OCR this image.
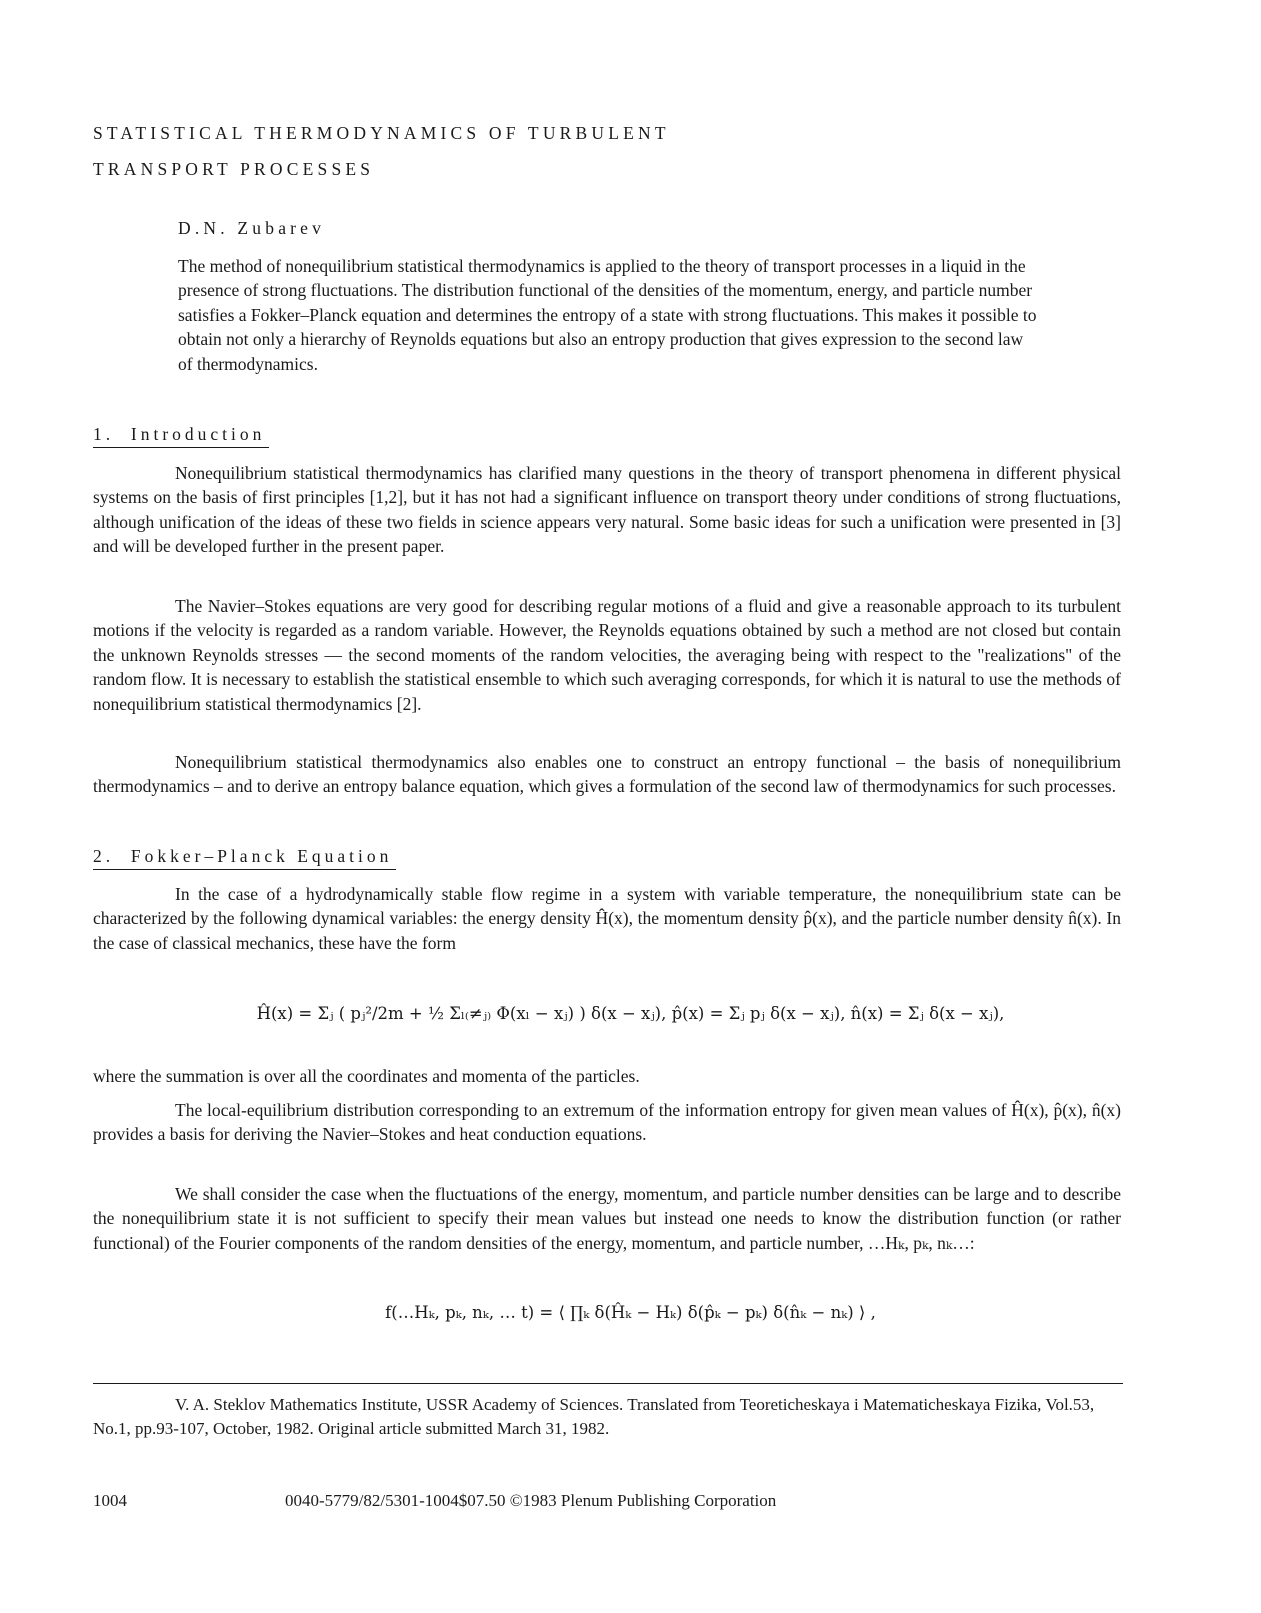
STATISTICAL THERMODYNAMICS OF TURBULENT
TRANSPORT PROCESSES
D.N. Zubarev
The method of nonequilibrium statistical thermodynamics is applied to the theory of transport processes in a liquid in the presence of strong fluctuations. The distribution functional of the densities of the momentum, energy, and particle number satisfies a Fokker–Planck equation and determines the entropy of a state with strong fluctuations. This makes it possible to obtain not only a hierarchy of Reynolds equations but also an entropy production that gives expression to the second law of thermodynamics.
1.  Introduction
Nonequilibrium statistical thermodynamics has clarified many questions in the theory of transport phenomena in different physical systems on the basis of first principles [1,2], but it has not had a significant influence on transport theory under conditions of strong fluctuations, although unification of the ideas of these two fields in science appears very natural. Some basic ideas for such a unification were presented in [3] and will be developed further in the present paper.
The Navier–Stokes equations are very good for describing regular motions of a fluid and give a reasonable approach to its turbulent motions if the velocity is regarded as a random variable. However, the Reynolds equations obtained by such a method are not closed but contain the unknown Reynolds stresses — the second moments of the random velocities, the averaging being with respect to the "realizations" of the random flow. It is necessary to establish the statistical ensemble to which such averaging corresponds, for which it is natural to use the methods of nonequilibrium statistical thermodynamics [2].
Nonequilibrium statistical thermodynamics also enables one to construct an entropy functional – the basis of nonequilibrium thermodynamics – and to derive an entropy balance equation, which gives a formulation of the second law of thermodynamics for such processes.
2.  Fokker–Planck Equation
In the case of a hydrodynamically stable flow regime in a system with variable temperature, the nonequilibrium state can be characterized by the following dynamical variables: the energy density Ĥ(x), the momentum density p̂(x), and the particle number density n̂(x). In the case of classical mechanics, these have the form
Ĥ(x) = Σⱼ ( pⱼ²/2m + ½ Σₗ₍≠ⱼ₎ Φ(xₗ − xⱼ) ) δ(x − xⱼ), p̂(x) = Σⱼ pⱼ δ(x − xⱼ), n̂(x) = Σⱼ δ(x − xⱼ),
where the summation is over all the coordinates and momenta of the particles.
The local-equilibrium distribution corresponding to an extremum of the information entropy for given mean values of Ĥ(x), p̂(x), n̂(x) provides a basis for deriving the Navier–Stokes and heat conduction equations.
We shall consider the case when the fluctuations of the energy, momentum, and particle number densities can be large and to describe the nonequilibrium state it is not sufficient to specify their mean values but instead one needs to know the distribution function (or rather functional) of the Fourier components of the random densities of the energy, momentum, and particle number, …Hₖ, pₖ, nₖ…:
f(…Hₖ, pₖ, nₖ, … t) = ⟨ ∏ₖ δ(Ĥₖ − Hₖ) δ(p̂ₖ − pₖ) δ(n̂ₖ − nₖ) ⟩ ,
V. A. Steklov Mathematics Institute, USSR Academy of Sciences. Translated from Teoreticheskaya i Matematicheskaya Fizika, Vol.53, No.1, pp.93-107, October, 1982. Original article submitted March 31, 1982.
1004	0040-5779/82/5301-1004$07.50 ©1983 Plenum Publishing Corporation
